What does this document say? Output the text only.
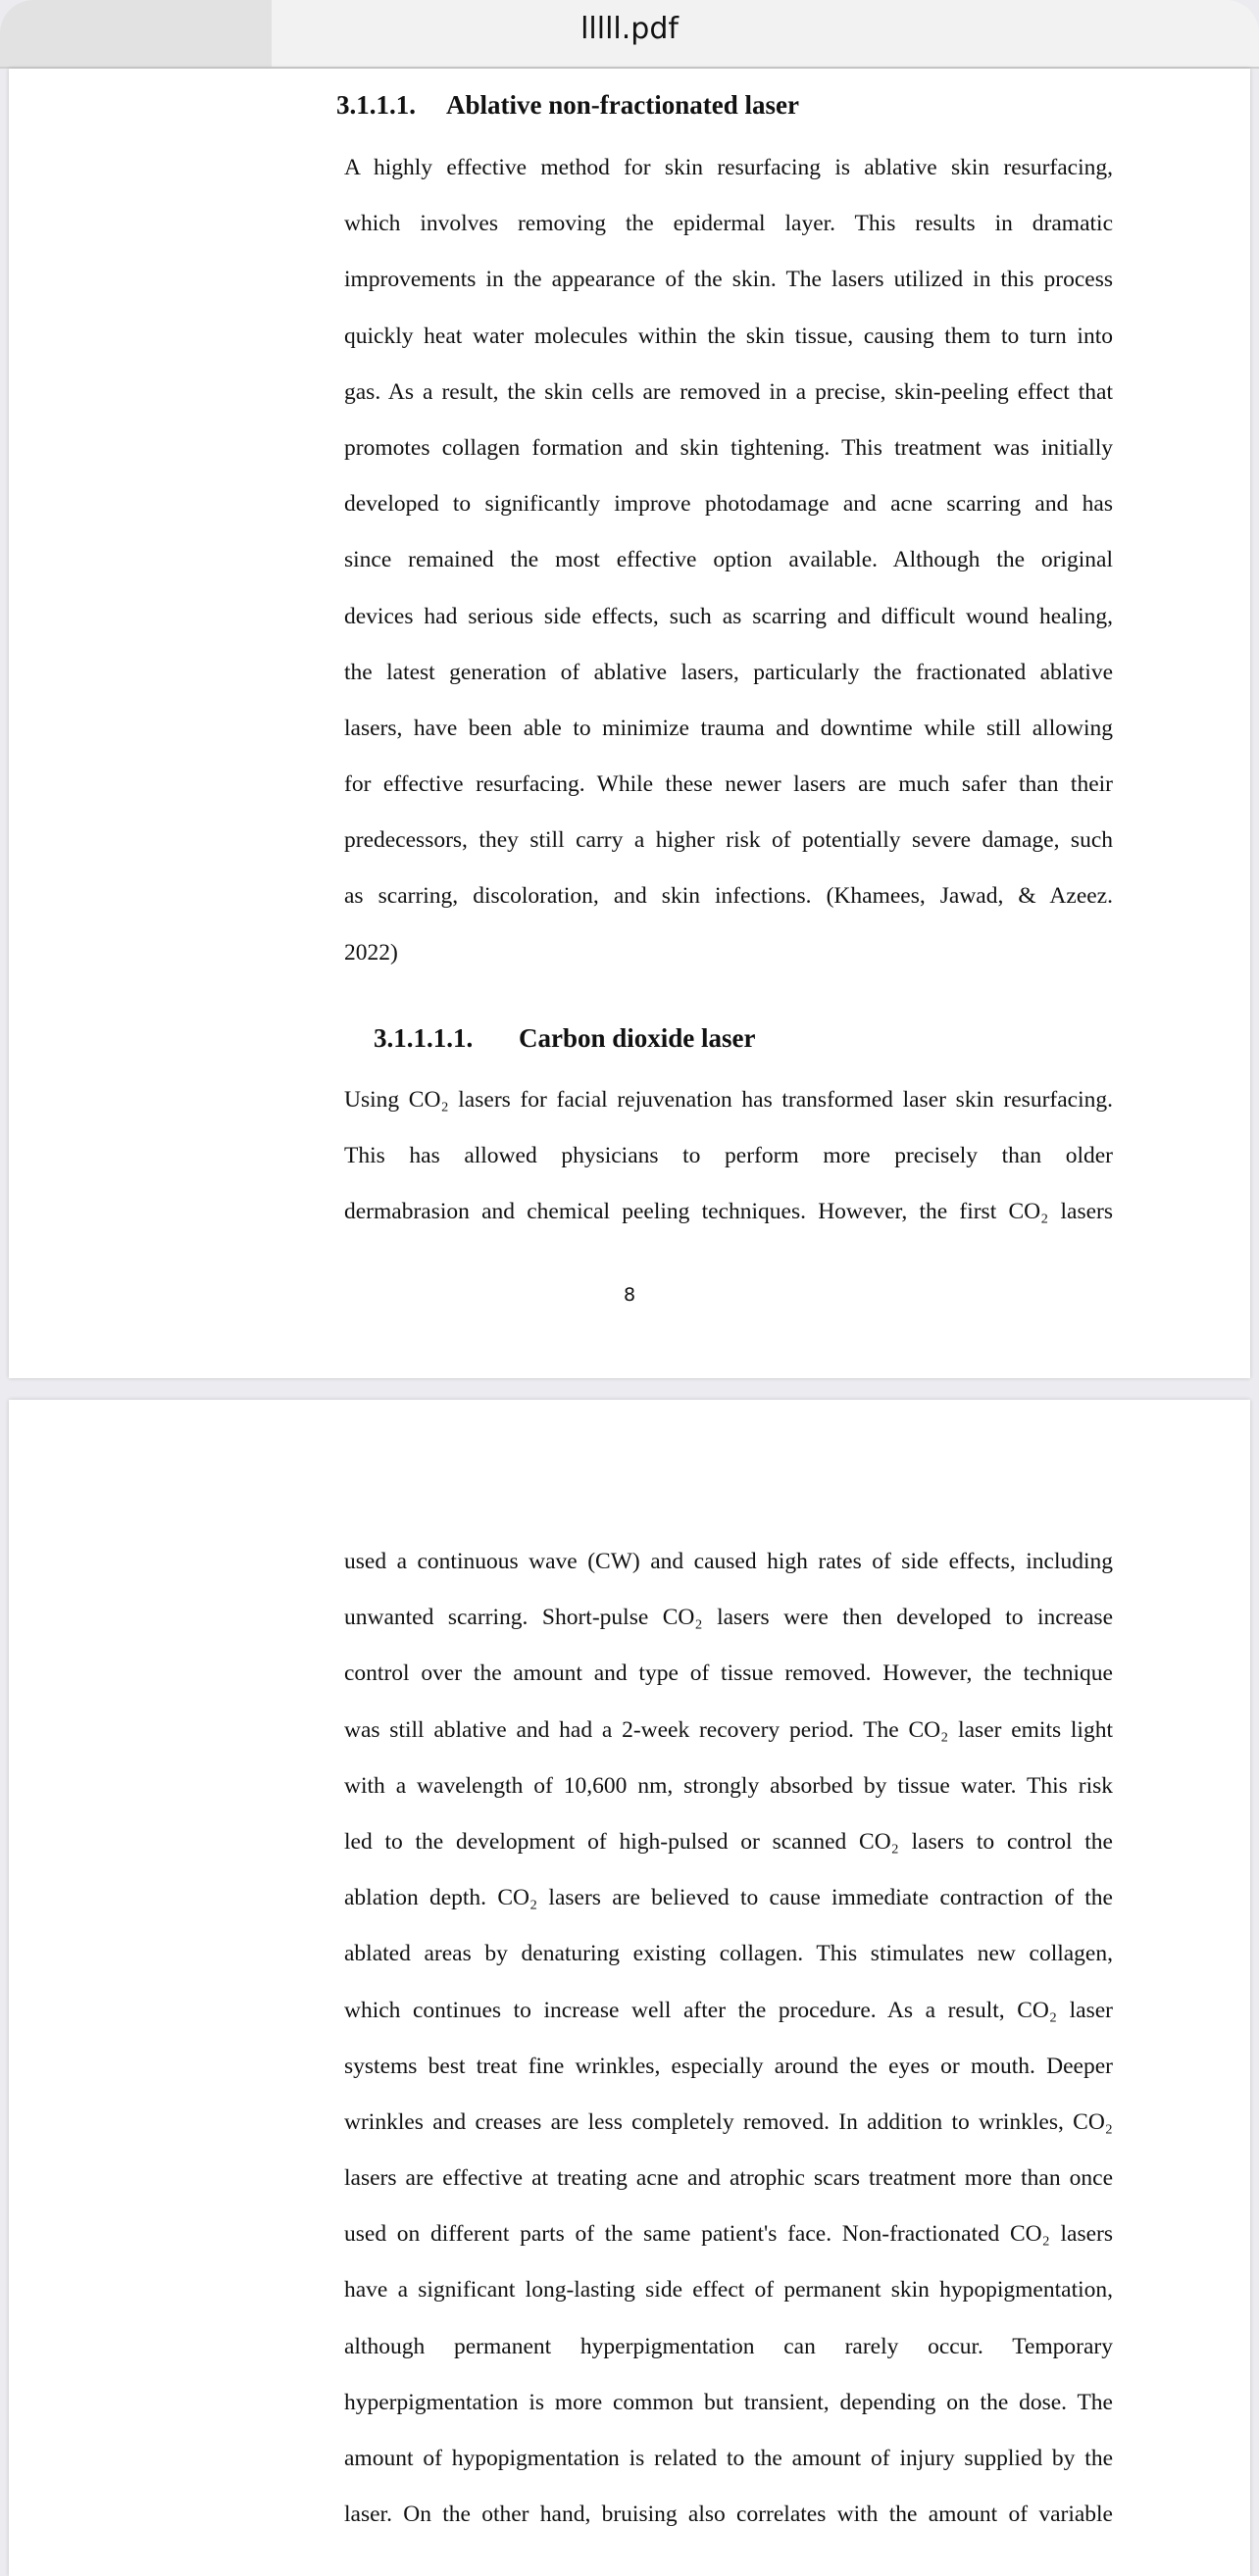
lllll.pdf
3.1.1.1. Ablative non-fractionated laser
A highly effective method for skin resurfacing is ablative skin resurfacing,
which involves removing the epidermal layer. This results in dramatic
improvements in the appearance of the skin. The lasers utilized in this process
quickly heat water molecules within the skin tissue, causing them to turn into
gas. As a result, the skin cells are removed in a precise, skin-peeling effect that
promotes collagen formation and skin tightening. This treatment was initially
developed to significantly improve photodamage and acne scarring and has
since remained the most effective option available. Although the original
devices had serious side effects, such as scarring and difficult wound healing,
the latest generation of ablative lasers, particularly the fractionated ablative
lasers, have been able to minimize trauma and downtime while still allowing
for effective resurfacing. While these newer lasers are much safer than their
predecessors, they still carry a higher risk of potentially severe damage, such
as scarring, discoloration, and skin infections. (Khamees, Jawad, & Azeez.
2022)
3.1.1.1.1. Carbon dioxide laser
Using CO₂ lasers for facial rejuvenation has transformed laser skin resurfacing.
This has allowed physicians to perform more precisely than older
dermabrasion and chemical peeling techniques. However, the first CO₂ lasers
8
used a continuous wave (CW) and caused high rates of side effects, including
unwanted scarring. Short-pulse CO₂ lasers were then developed to increase
control over the amount and type of tissue removed. However, the technique
was still ablative and had a 2-week recovery period. The CO₂ laser emits light
with a wavelength of 10,600 nm, strongly absorbed by tissue water. This risk
led to the development of high-pulsed or scanned CO₂ lasers to control the
ablation depth. CO₂ lasers are believed to cause immediate contraction of the
ablated areas by denaturing existing collagen. This stimulates new collagen,
which continues to increase well after the procedure. As a result, CO₂ laser
systems best treat fine wrinkles, especially around the eyes or mouth. Deeper
wrinkles and creases are less completely removed. In addition to wrinkles, CO₂
lasers are effective at treating acne and atrophic scars treatment more than once
used on different parts of the same patient's face. Non-fractionated CO₂ lasers
have a significant long-lasting side effect of permanent skin hypopigmentation,
although permanent hyperpigmentation can rarely occur. Temporary
hyperpigmentation is more common but transient, depending on the dose. The
amount of hypopigmentation is related to the amount of injury supplied by the
laser. On the other hand, bruising also correlates with the amount of variable
